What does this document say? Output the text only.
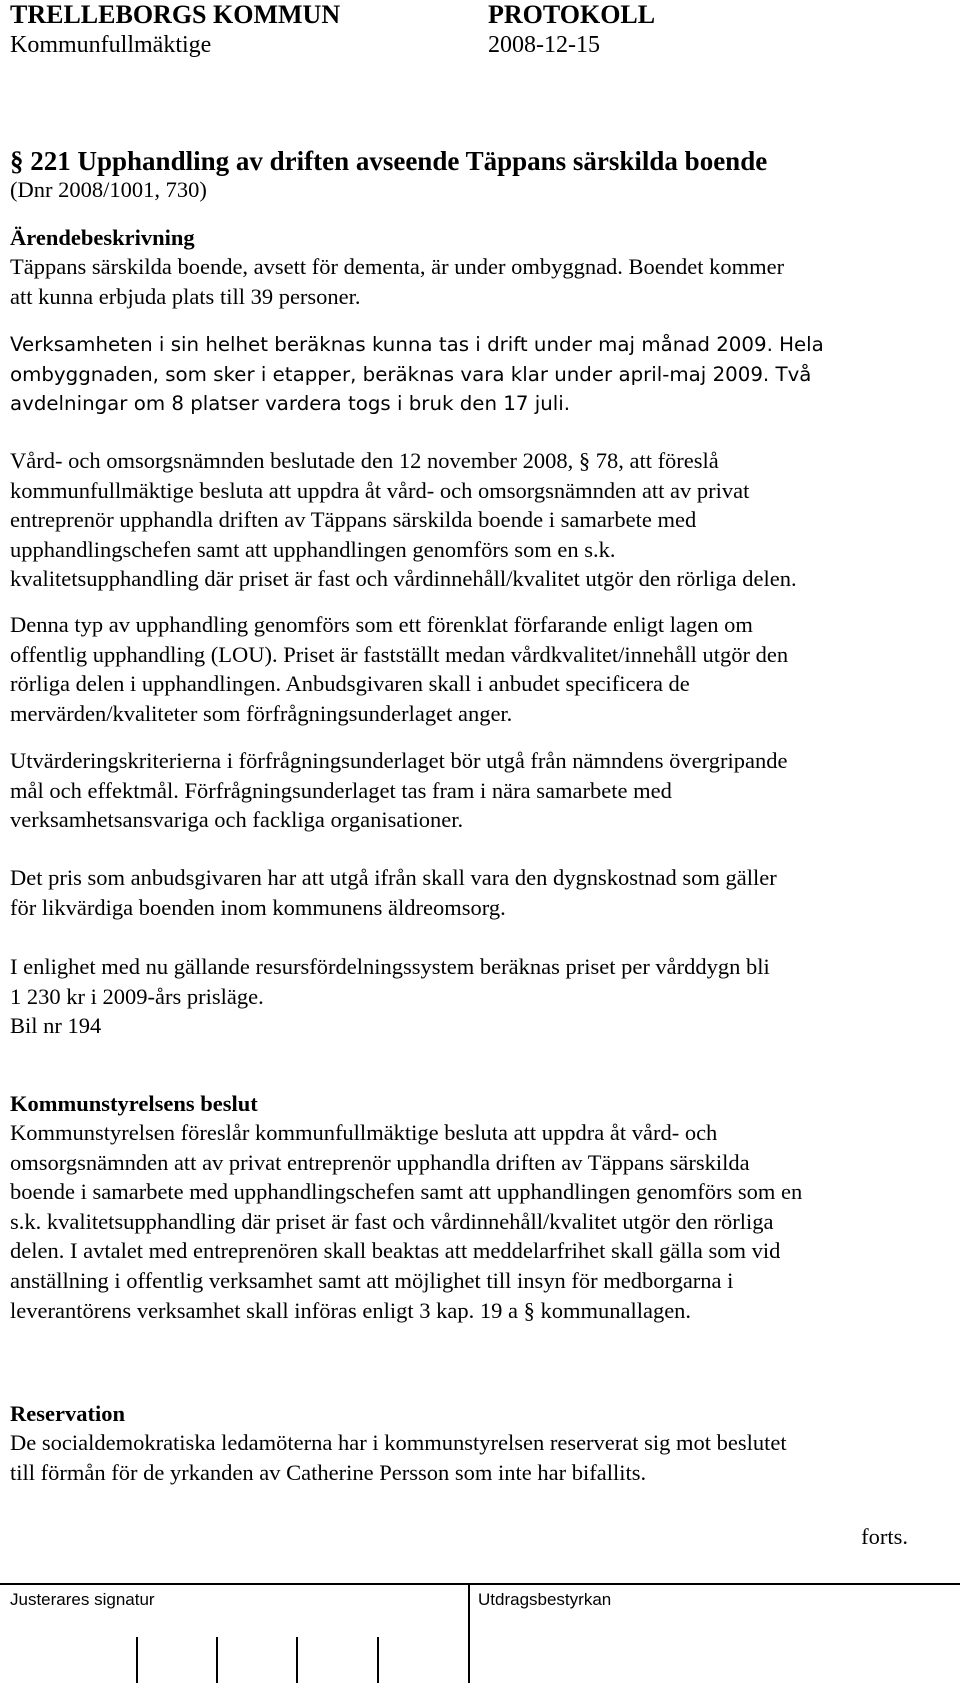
TRELLEBORGS KOMMUN	PROTOKOLL
Kommunfullmäktige	2008-12-15
§ 221 Upphandling av driften avseende Täppans särskilda boende
(Dnr 2008/1001, 730)
Ärendebeskrivning
Täppans särskilda boende, avsett för dementa, är under ombyggnad. Boendet kommer
att kunna erbjuda plats till 39 personer.
Verksamheten i sin helhet beräknas kunna tas i drift under maj månad 2009. Hela
ombyggnaden, som sker i etapper, beräknas vara klar under april-maj 2009. Två
avdelningar om 8 platser vardera togs i bruk den 17 juli.
Vård- och omsorgsnämnden beslutade den 12 november 2008, § 78, att föreslå
kommunfullmäktige besluta att uppdra åt vård- och omsorgsnämnden att av privat
entreprenör upphandla driften av Täppans särskilda boende i samarbete med
upphandlingschefen samt att upphandlingen genomförs som en s.k.
kvalitetsupphandling där priset är fast och vårdinnehåll/kvalitet utgör den rörliga delen.
Denna typ av upphandling genomförs som ett förenklat förfarande enligt lagen om
offentlig upphandling (LOU). Priset är fastställt medan vårdkvalitet/innehåll utgör den
rörliga delen i upphandlingen. Anbudsgivaren skall i anbudet specificera de
mervärden/kvaliteter som förfrågningsunderlaget anger.
Utvärderingskriterierna i förfrågningsunderlaget bör utgå från nämndens övergripande
mål och effektmål. Förfrågningsunderlaget tas fram i nära samarbete med
verksamhetsansvariga och fackliga organisationer.
Det pris som anbudsgivaren har att utgå ifrån skall vara den dygnskostnad som gäller
för likvärdiga boenden inom kommunens äldreomsorg.
I enlighet med nu gällande resursfördelningssystem beräknas priset per vårddygn bli
1 230 kr i 2009-års prisläge.
Bil nr 194
Kommunstyrelsens beslut
Kommunstyrelsen föreslår kommunfullmäktige besluta att uppdra åt vård- och
omsorgsnämnden att av privat entreprenör upphandla driften av Täppans särskilda
boende i samarbete med upphandlingschefen samt att upphandlingen genomförs som en
s.k. kvalitetsupphandling där priset är fast och vårdinnehåll/kvalitet utgör den rörliga
delen. I avtalet med entreprenören skall beaktas att meddelarfrihet skall gälla som vid
anställning i offentlig verksamhet samt att möjlighet till insyn för medborgarna i
leverantörens verksamhet skall införas enligt 3 kap. 19 a § kommunallagen.
Reservation
De socialdemokratiska ledamöterna har i kommunstyrelsen reserverat sig mot beslutet
till förmån för de yrkanden av Catherine Persson som inte har bifallits.
forts.
Justerares signatur	Utdragsbestyrkan
